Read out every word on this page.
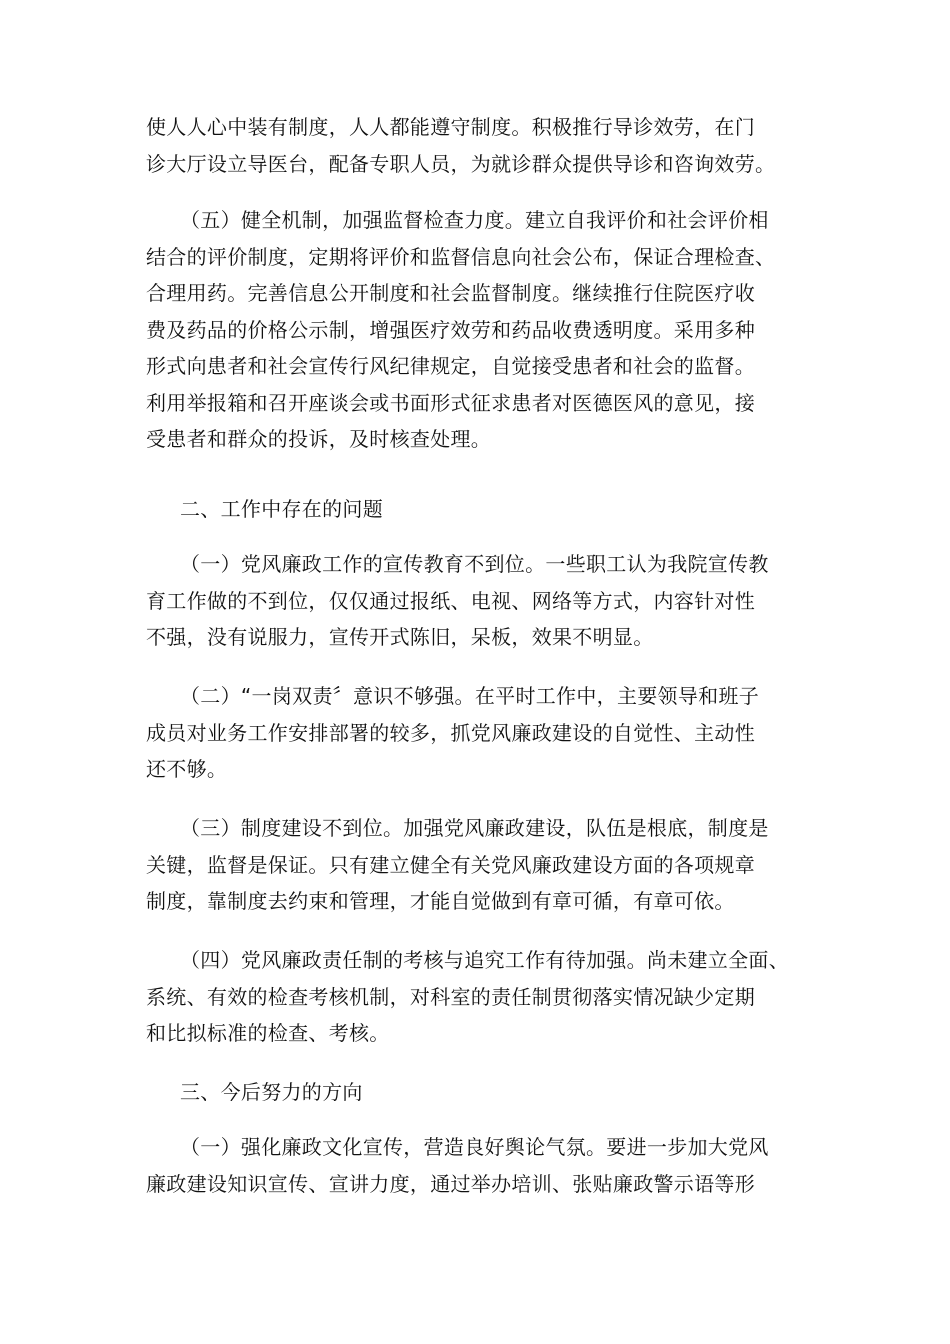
使人人心中装有制度，人人都能遵守制度。积极推行导诊效劳，在门
诊大厅设立导医台，配备专职人员，为就诊群众提供导诊和咨询效劳。
（五）健全机制，加强监督检查力度。建立自我评价和社会评价相
结合的评价制度，定期将评价和监督信息向社会公布，保证合理检查、
合理用药。完善信息公开制度和社会监督制度。继续推行住院医疗收
费及药品的价格公示制，增强医疗效劳和药品收费透明度。采用多种
形式向患者和社会宣传行风纪律规定，自觉接受患者和社会的监督。
利用举报箱和召开座谈会或书面形式征求患者对医德医风的意见，接
受患者和群众的投诉，及时核查处理。

二、工作中存在的问题

（一）党风廉政工作的宣传教育不到位。一些职工认为我院宣传教
育工作做的不到位，仅仅通过报纸、电视、网络等方式，内容针对性
不强，没有说服力，宣传开式陈旧，呆板，效果不明显。
（二）“一岗双责〞意识不够强。在平时工作中，主要领导和班子
成员对业务工作安排部署的较多，抓党风廉政建设的自觉性、主动性
还不够。
（三）制度建设不到位。加强党风廉政建设，队伍是根底，制度是
关键，监督是保证。只有建立健全有关党风廉政建设方面的各项规章
制度，靠制度去约束和管理，才能自觉做到有章可循，有章可依。
（四）党风廉政责任制的考核与追究工作有待加强。尚未建立全面、
系统、有效的检查考核机制，对科室的责任制贯彻落实情况缺少定期
和比拟标准的检查、考核。

三、今后努力的方向

（一）强化廉政文化宣传，营造良好舆论气氛。要进一步加大党风
廉政建设知识宣传、宣讲力度，通过举办培训、张贴廉政警示语等形
